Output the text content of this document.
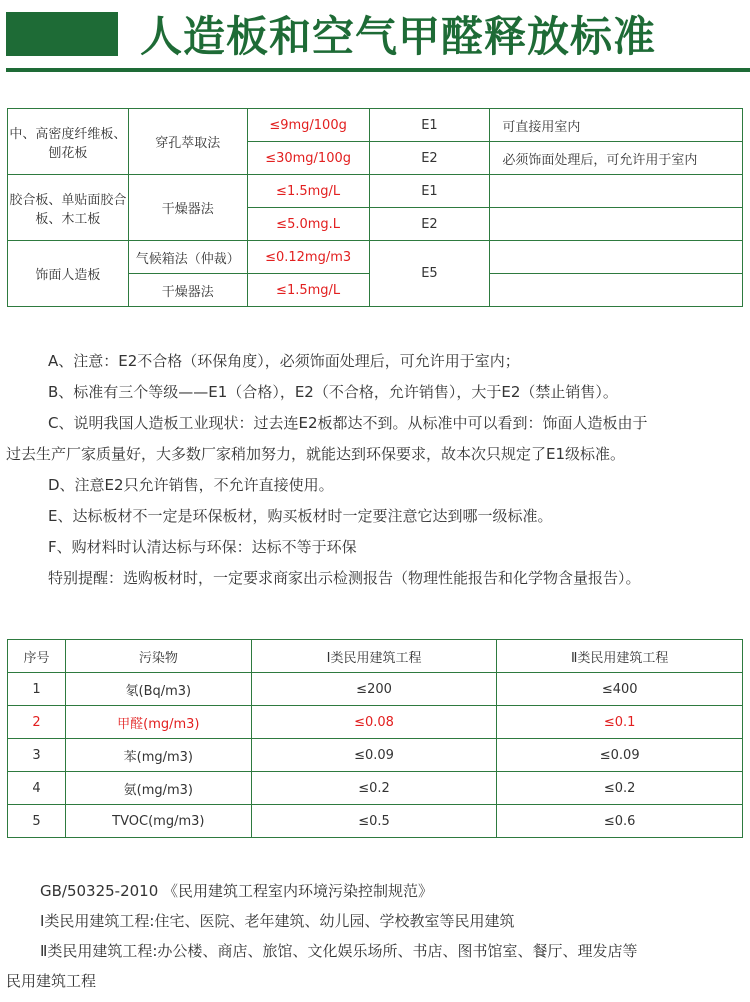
人造板和空气甲醛释放标准
中、高密度纤维板、刨花板	穿孔萃取法	≤9mg/100g	E1	可直接用室内
		≤30mg/100g	E2	必须饰面处理后，可允许用于室内
胶合板、单贴面胶合板、木工板	干燥器法	≤1.5mg/L	E1	
		≤5.0mg.L	E2	
饰面人造板	气候箱法（仲裁）	≤0.12mg/m3	E5	
	干燥器法	≤1.5mg/L		

A、注意：E2不合格（环保角度），必须饰面处理后，可允许用于室内；

B、标准有三个等级——E1（合格），E2（不合格，允许销售），大于E2（禁止销售）。

C、说明我国人造板工业现状：过去连E2板都达不到。从标准中可以看到：饰面人造板由于

过去生产厂家质量好，大多数厂家稍加努力，就能达到环保要求，故本次只规定了E1级标准。

D、注意E2只允许销售，不允许直接使用。

E、达标板材不一定是环保板材，购买板材时一定要注意它达到哪一级标准。

F、购材料时认清达标与环保：达标不等于环保

特别提醒：选购板材时，一定要求商家出示检测报告（物理性能报告和化学物含量报告）。

序号	污染物	Ⅰ类民用建筑工程	Ⅱ类民用建筑工程
1	氡(Bq/m3)	≤200	≤400
2	甲醛(mg/m3)	≤0.08	≤0.1
3	苯(mg/m3)	≤0.09	≤0.09
4	氨(mg/m3)	≤0.2	≤0.2
5	TVOC(mg/m3)	≤0.5	≤0.6

GB/50325-2010 《民用建筑工程室内环境污染控制规范》

Ⅰ类民用建筑工程:住宅、医院、老年建筑、幼儿园、学校教室等民用建筑

Ⅱ类民用建筑工程:办公楼、商店、旅馆、文化娱乐场所、书店、图书馆室、餐厅、理发店等

民用建筑工程
